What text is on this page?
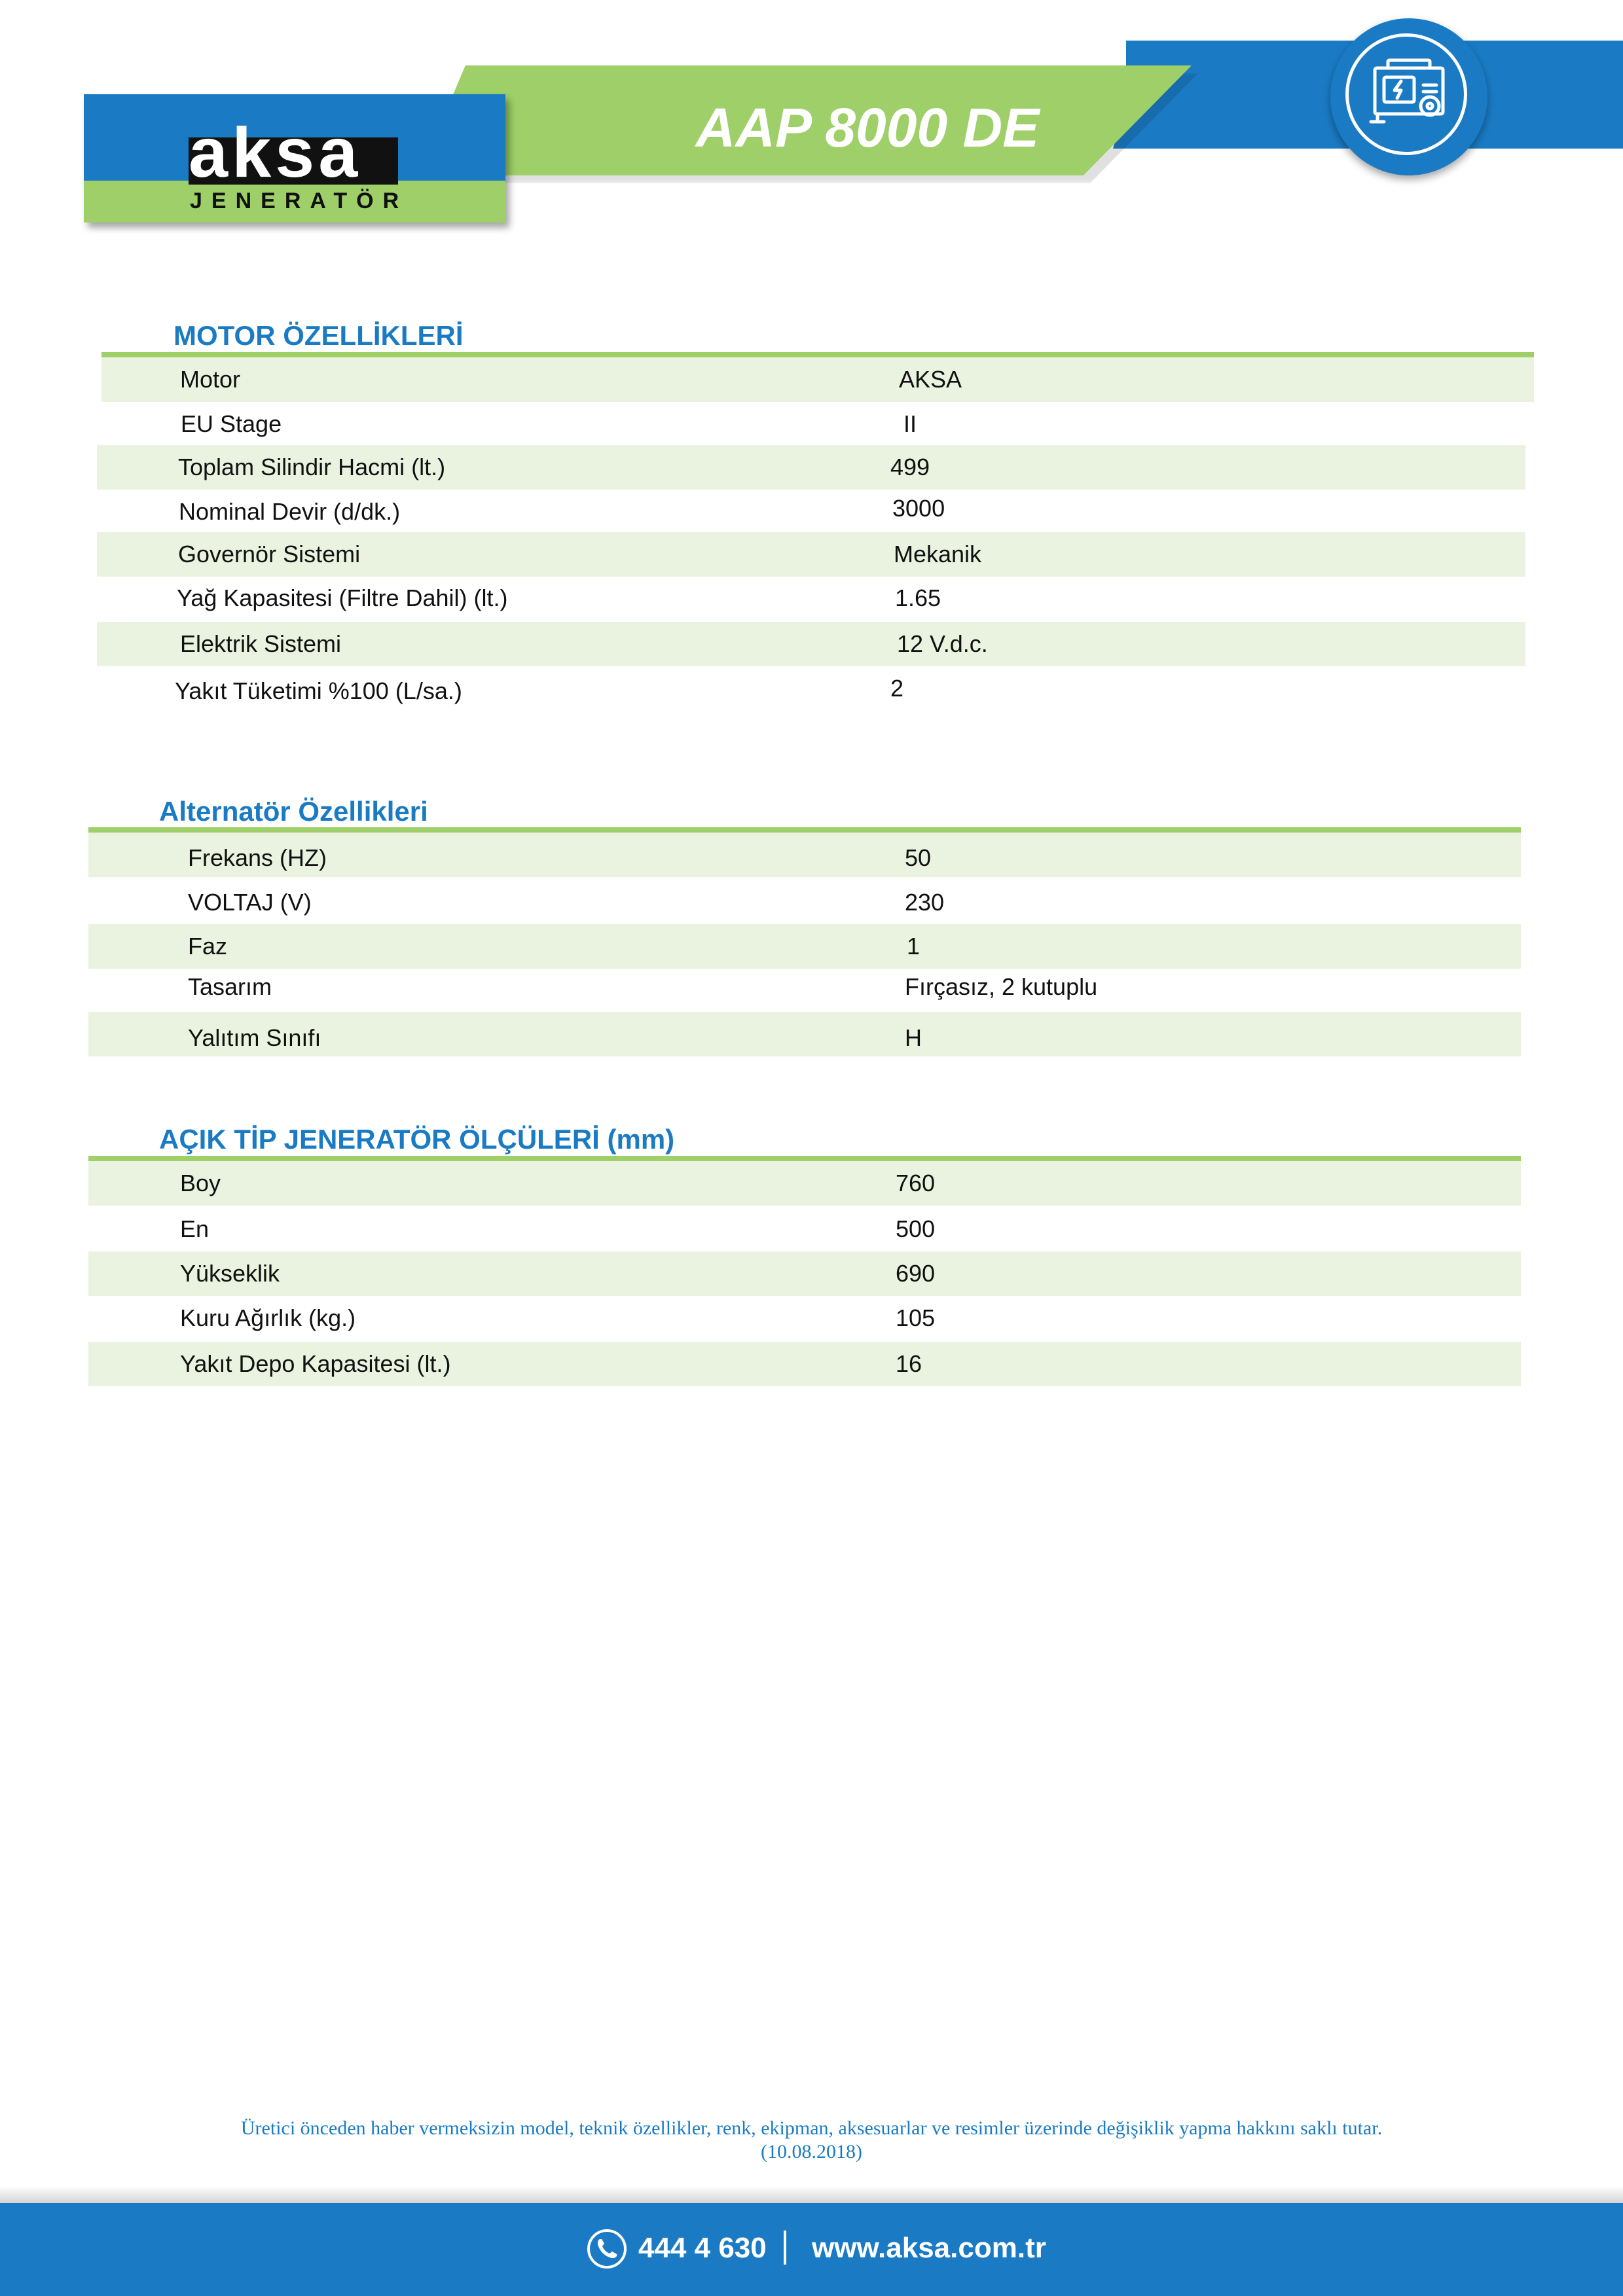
AAP 8000 DE
aksa
JENERATÖR
MOTOR ÖZELLİKLERİ
Motor	AKSA
EU Stage	II
Toplam Silindir Hacmi (lt.)	499
Nominal Devir (d/dk.)	3000
Governör Sistemi	Mekanik
Yağ Kapasitesi (Filtre Dahil) (lt.)	1.65
Elektrik Sistemi	12 V.d.c.
Yakıt Tüketimi %100 (L/sa.)	2
Alternatör Özellikleri
Frekans (HZ)	50
VOLTAJ (V)	230
Faz	1
Tasarım	Fırçasız, 2 kutuplu
Yalıtım Sınıfı	H
AÇIK TİP JENERATÖR ÖLÇÜLERİ (mm)
Boy	760
En	500
Yükseklik	690
Kuru Ağırlık (kg.)	105
Yakıt Depo Kapasitesi (lt.)	16
Üretici önceden haber vermeksizin model, teknik özellikler, renk, ekipman, aksesuarlar ve resimler üzerinde değişiklik yapma hakkını saklı tutar.
(10.08.2018)
444 4 630	www.aksa.com.tr
